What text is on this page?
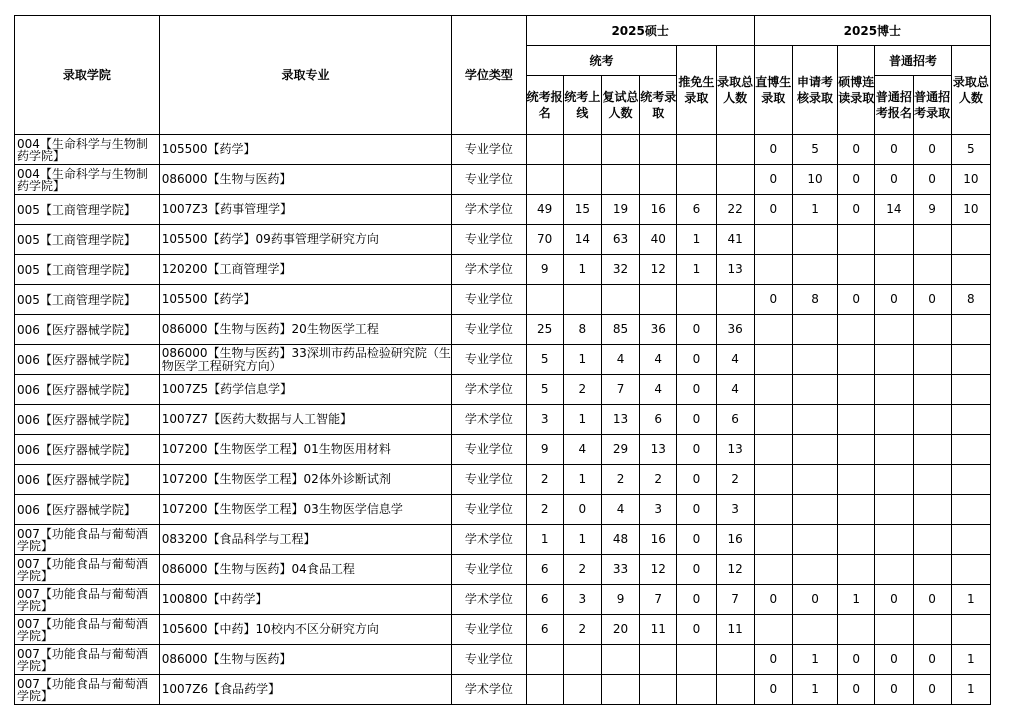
录取学院	录取专业	学位类型	2025硕士						2025博士					
			统考				推免生录取	录取总人数	直博生录取	申请考核录取	硕博连读录取	普通招考		录取总人数
			统考报名	统考上线	复试总人数	统考录取						普通招考报名	普通招考录取	
004【生命科学与生物制药学院】	105500【药学】	专业学位							0	5	0	0	0	5
004【生命科学与生物制药学院】	086000【生物与医药】	专业学位							0	10	0	0	0	10
005【工商管理学院】	1007Z3【药事管理学】	学术学位	49	15	19	16	6	22	0	1	0	14	9	10
005【工商管理学院】	105500【药学】09药事管理学研究方向	专业学位	70	14	63	40	1	41						
005【工商管理学院】	120200【工商管理学】	学术学位	9	1	32	12	1	13						
005【工商管理学院】	105500【药学】	专业学位							0	8	0	0	0	8
006【医疗器械学院】	086000【生物与医药】20生物医学工程	专业学位	25	8	85	36	0	36						
006【医疗器械学院】	086000【生物与医药】33深圳市药品检验研究院（生物医学工程研究方向）	专业学位	5	1	4	4	0	4						
006【医疗器械学院】	1007Z5【药学信息学】	学术学位	5	2	7	4	0	4						
006【医疗器械学院】	1007Z7【医药大数据与人工智能】	学术学位	3	1	13	6	0	6						
006【医疗器械学院】	107200【生物医学工程】01生物医用材料	专业学位	9	4	29	13	0	13						
006【医疗器械学院】	107200【生物医学工程】02体外诊断试剂	专业学位	2	1	2	2	0	2						
006【医疗器械学院】	107200【生物医学工程】03生物医学信息学	专业学位	2	0	4	3	0	3						
007【功能食品与葡萄酒学院】	083200【食品科学与工程】	学术学位	1	1	48	16	0	16						
007【功能食品与葡萄酒学院】	086000【生物与医药】04食品工程	专业学位	6	2	33	12	0	12						
007【功能食品与葡萄酒学院】	100800【中药学】	学术学位	6	3	9	7	0	7	0	0	1	0	0	1
007【功能食品与葡萄酒学院】	105600【中药】10校内不区分研究方向	专业学位	6	2	20	11	0	11						
007【功能食品与葡萄酒学院】	086000【生物与医药】	专业学位							0	1	0	0	0	1
007【功能食品与葡萄酒学院】	1007Z6【食品药学】	学术学位							0	1	0	0	0	1
